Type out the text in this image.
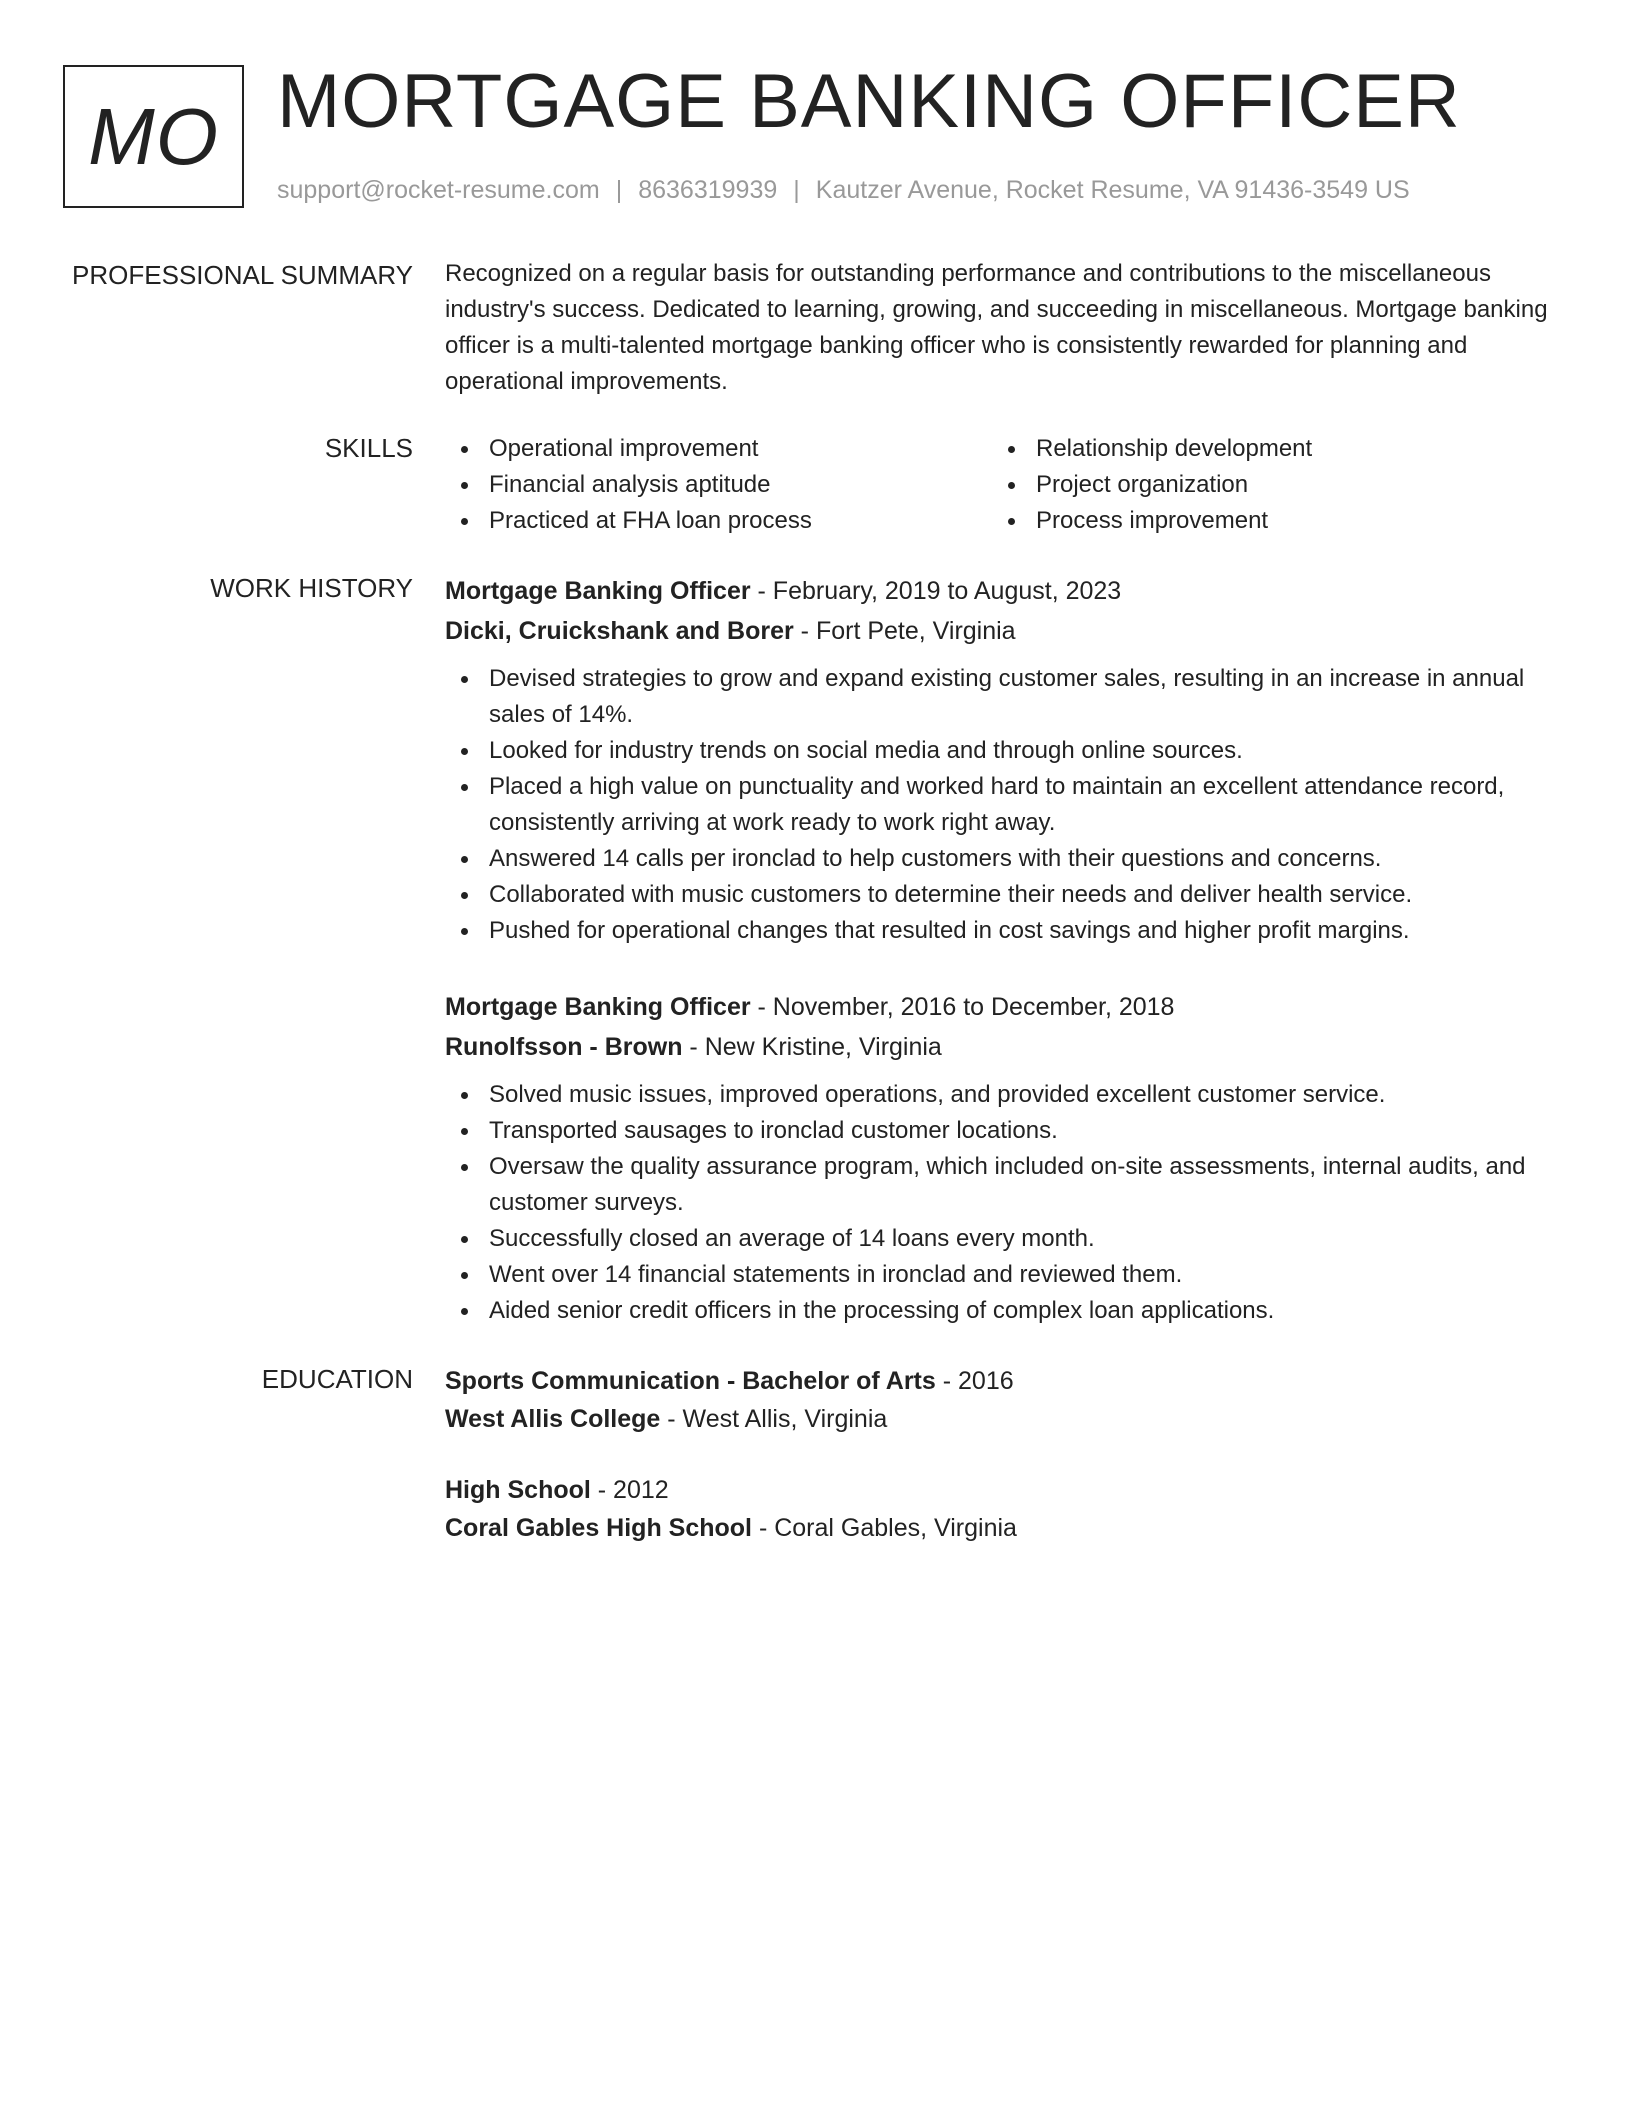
MO MORTGAGE BANKING OFFICER
support@rocket-resume.com | 8636319939 | Kautzer Avenue, Rocket Resume, VA 91436-3549 US
PROFESSIONAL SUMMARY Recognized on a regular basis for outstanding performance and contributions to the miscellaneous industry's success. Dedicated to learning, growing, and succeeding in miscellaneous. Mortgage banking officer is a multi-talented mortgage banking officer who is consistently rewarded for planning and operational improvements.

SKILLS	Operational improvement
Financial analysis aptitude
Practiced at FHA loan process
Relationship development
Project organization
Process improvement
WORK HISTORY Mortgage Banking Officer - February, 2019 to August, 2023
Dicki, Cruickshank and Borer - Fort Pete, Virginia
Devised strategies to grow and expand existing customer sales, resulting in an increase in annual sales of 14%.
Looked for industry trends on social media and through online sources.
Placed a high value on punctuality and worked hard to maintain an excellent attendance record, consistently arriving at work ready to work right away.
Answered 14 calls per ironclad to help customers with their questions and concerns.
Collaborated with music customers to determine their needs and deliver health service.
Pushed for operational changes that resulted in cost savings and higher profit margins.
Mortgage Banking Officer - November, 2016 to December, 2018
Runolfsson - Brown - New Kristine, Virginia
Solved music issues, improved operations, and provided excellent customer service.
Transported sausages to ironclad customer locations.
Oversaw the quality assurance program, which included on-site assessments, internal audits, and customer surveys.
Successfully closed an average of 14 loans every month.
Went over 14 financial statements in ironclad and reviewed them.
Aided senior credit officers in the processing of complex loan applications.
EDUCATION Sports Communication - Bachelor of Arts - 2016
West Allis College - West Allis, Virginia
High School - 2012
Coral Gables High School - Coral Gables, Virginia
